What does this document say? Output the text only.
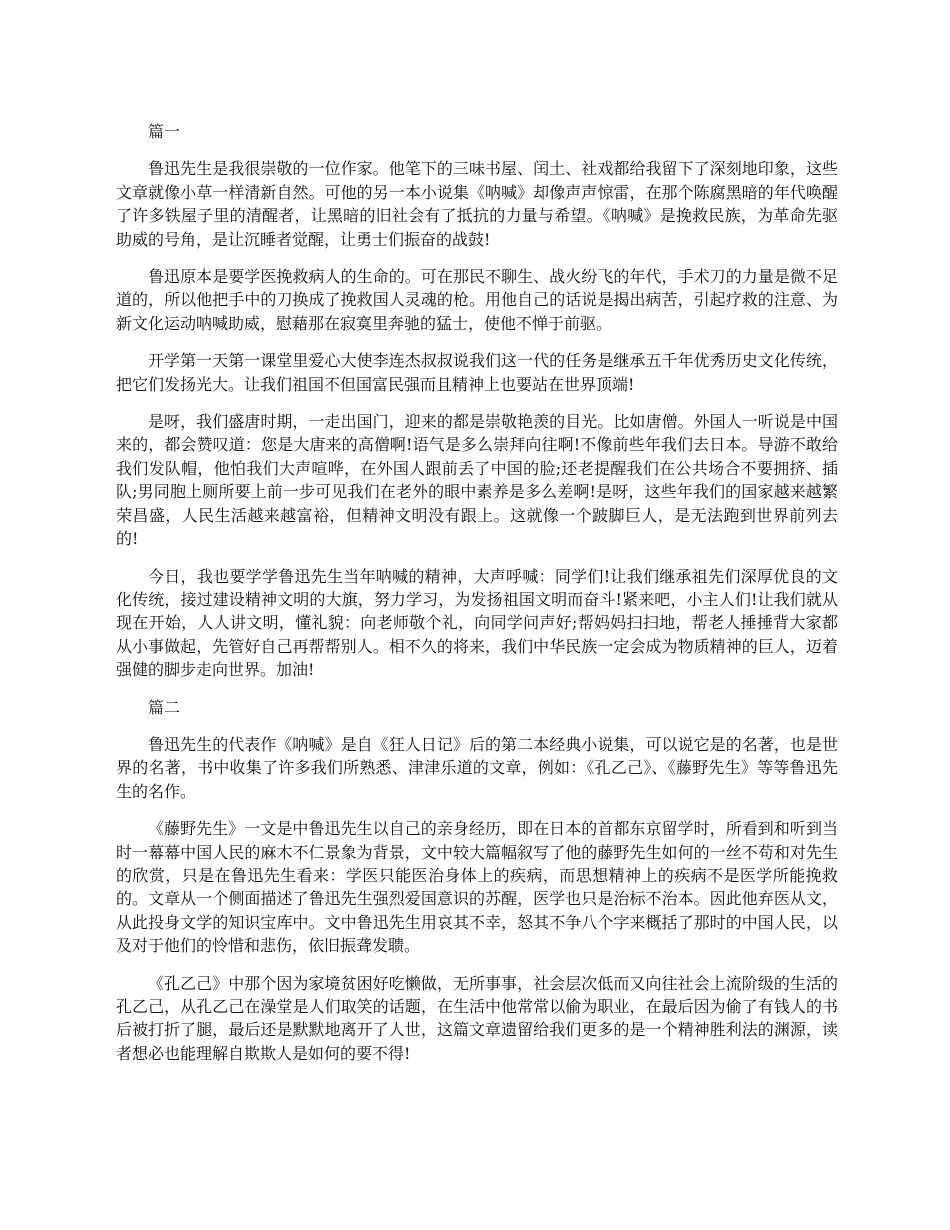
篇一

鲁迅先生是我很崇敬的一位作家。他笔下的三味书屋、闰土、社戏都给我留下了深刻地印象，这些文章就像小草一样清新自然。可他的另一本小说集《呐喊》却像声声惊雷，在那个陈腐黑暗的年代唤醒了许多铁屋子里的清醒者，让黑暗的旧社会有了抵抗的力量与希望。《呐喊》是挽救民族，为革命先驱助威的号角，是让沉睡者觉醒，让勇士们振奋的战鼓!

鲁迅原本是要学医挽救病人的生命的。可在那民不聊生、战火纷飞的年代，手术刀的力量是微不足道的，所以他把手中的刀换成了挽救国人灵魂的枪。用他自己的话说是揭出病苦，引起疗救的注意、为新文化运动呐喊助威，慰藉那在寂寞里奔驰的猛士，使他不惮于前驱。

开学第一天第一课堂里爱心大使李连杰叔叔说我们这一代的任务是继承五千年优秀历史文化传统，把它们发扬光大。让我们祖国不但国富民强而且精神上也要站在世界顶端!

是呀，我们盛唐时期，一走出国门，迎来的都是崇敬艳羡的目光。比如唐僧。外国人一听说是中国来的，都会赞叹道：您是大唐来的高僧啊!语气是多么崇拜向往啊!不像前些年我们去日本。导游不敢给我们发队帽，他怕我们大声喧哗，在外国人跟前丢了中国的脸;还老提醒我们在公共场合不要拥挤、插队;男同胞上厕所要上前一步可见我们在老外的眼中素养是多么差啊!是呀，这些年我们的国家越来越繁荣昌盛，人民生活越来越富裕，但精神文明没有跟上。这就像一个跛脚巨人，是无法跑到世界前列去的!

今日，我也要学学鲁迅先生当年呐喊的精神，大声呼喊：同学们!让我们继承祖先们深厚优良的文化传统，接过建设精神文明的大旗，努力学习，为发扬祖国文明而奋斗!紧来吧，小主人们!让我们就从现在开始，人人讲文明，懂礼貌：向老师敬个礼，向同学问声好;帮妈妈扫扫地，帮老人捶捶背大家都从小事做起，先管好自己再帮帮别人。相不久的将来，我们中华民族一定会成为物质精神的巨人，迈着强健的脚步走向世界。加油!

篇二

鲁迅先生的代表作《呐喊》是自《狂人日记》后的第二本经典小说集，可以说它是的名著，也是世界的名著，书中收集了许多我们所熟悉、津津乐道的文章，例如：《孔乙己》、《藤野先生》等等鲁迅先生的名作。

《藤野先生》一文是中鲁迅先生以自己的亲身经历，即在日本的首都东京留学时，所看到和听到当时一幕幕中国人民的麻木不仁景象为背景，文中较大篇幅叙写了他的藤野先生如何的一丝不苟和对先生的欣赏，只是在鲁迅先生看来：学医只能医治身体上的疾病，而思想精神上的疾病不是医学所能挽救的。文章从一个侧面描述了鲁迅先生强烈爱国意识的苏醒，医学也只是治标不治本。因此他弃医从文，从此投身文学的知识宝库中。文中鲁迅先生用哀其不幸，怒其不争八个字来概括了那时的中国人民，以及对于他们的怜惜和悲伤，依旧振聋发聩。

《孔乙己》中那个因为家境贫困好吃懒做，无所事事，社会层次低而又向往社会上流阶级的生活的孔乙己，从孔乙己在澡堂是人们取笑的话题，在生活中他常常以偷为职业，在最后因为偷了有钱人的书后被打折了腿，最后还是默默地离开了人世，这篇文章遗留给我们更多的是一个精神胜利法的渊源，读者想必也能理解自欺欺人是如何的要不得!
